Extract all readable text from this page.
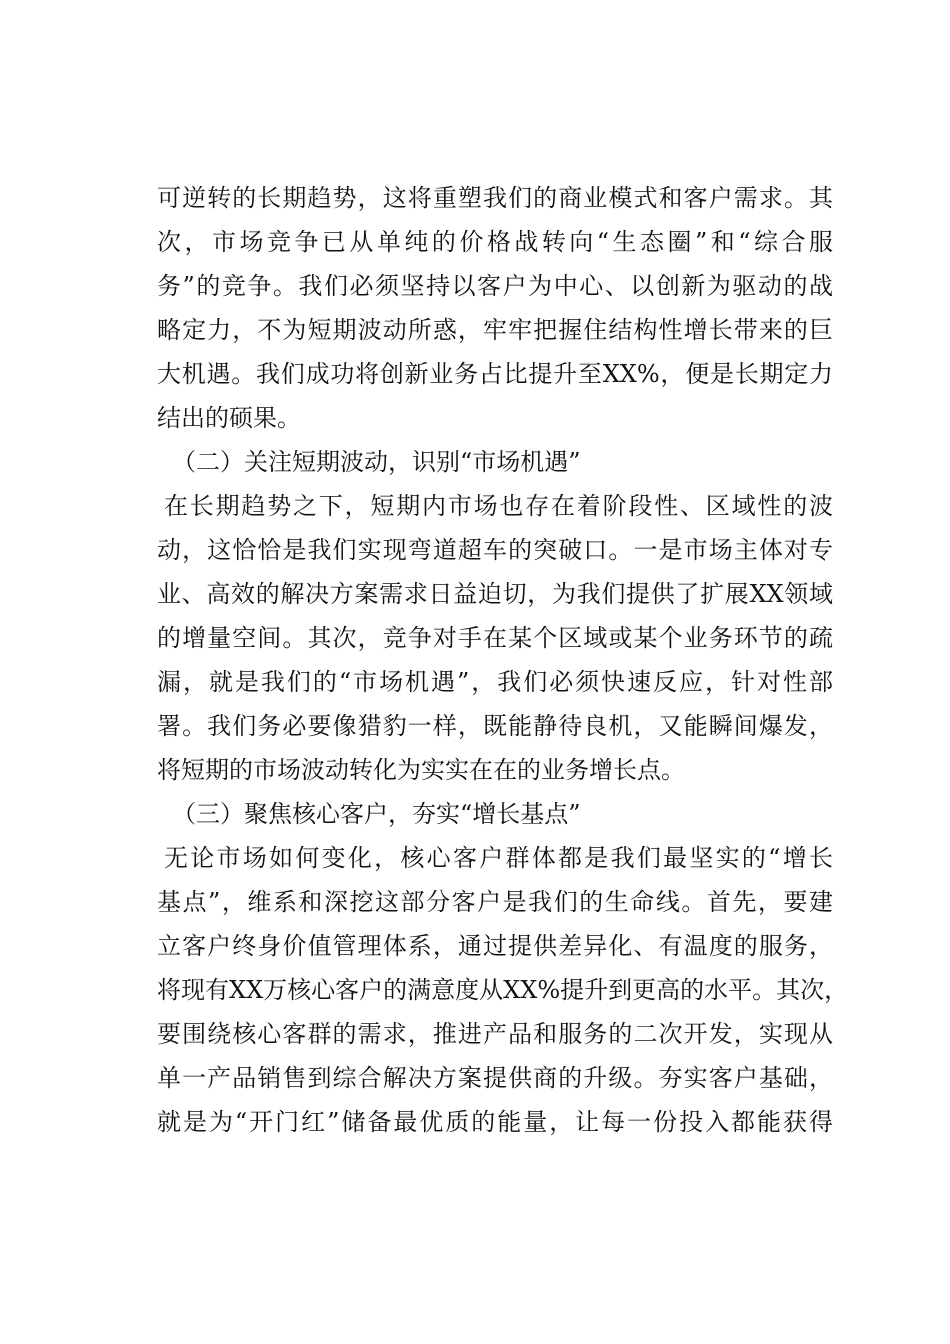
可逆转的长期趋势，这将重塑我们的商业模式和客户需求。其
次，市场竞争已从单纯的价格战转向“生态圈”和“综合服
务”的竞争。我们必须坚持以客户为中心、以创新为驱动的战
略定力，不为短期波动所惑，牢牢把握住结构性增长带来的巨
大机遇。我们成功将创新业务占比提升至XX%，便是长期定力
结出的硕果。
（二）关注短期波动，识别“市场机遇”
在长期趋势之下，短期内市场也存在着阶段性、区域性的波
动，这恰恰是我们实现弯道超车的突破口。一是市场主体对专
业、高效的解决方案需求日益迫切，为我们提供了扩展XX领域
的增量空间。其次，竞争对手在某个区域或某个业务环节的疏
漏，就是我们的“市场机遇”，我们必须快速反应，针对性部
署。我们务必要像猎豹一样，既能静待良机，又能瞬间爆发，
将短期的市场波动转化为实实在在的业务增长点。
（三）聚焦核心客户，夯实“增长基点”
无论市场如何变化，核心客户群体都是我们最坚实的“增长
基点”，维系和深挖这部分客户是我们的生命线。首先，要建
立客户终身价值管理体系，通过提供差异化、有温度的服务，
将现有XX万核心客户的满意度从XX%提升到更高的水平。其次，
要围绕核心客群的需求，推进产品和服务的二次开发，实现从
单一产品销售到综合解决方案提供商的升级。夯实客户基础，
就是为“开门红”储备最优质的能量，让每一份投入都能获得
